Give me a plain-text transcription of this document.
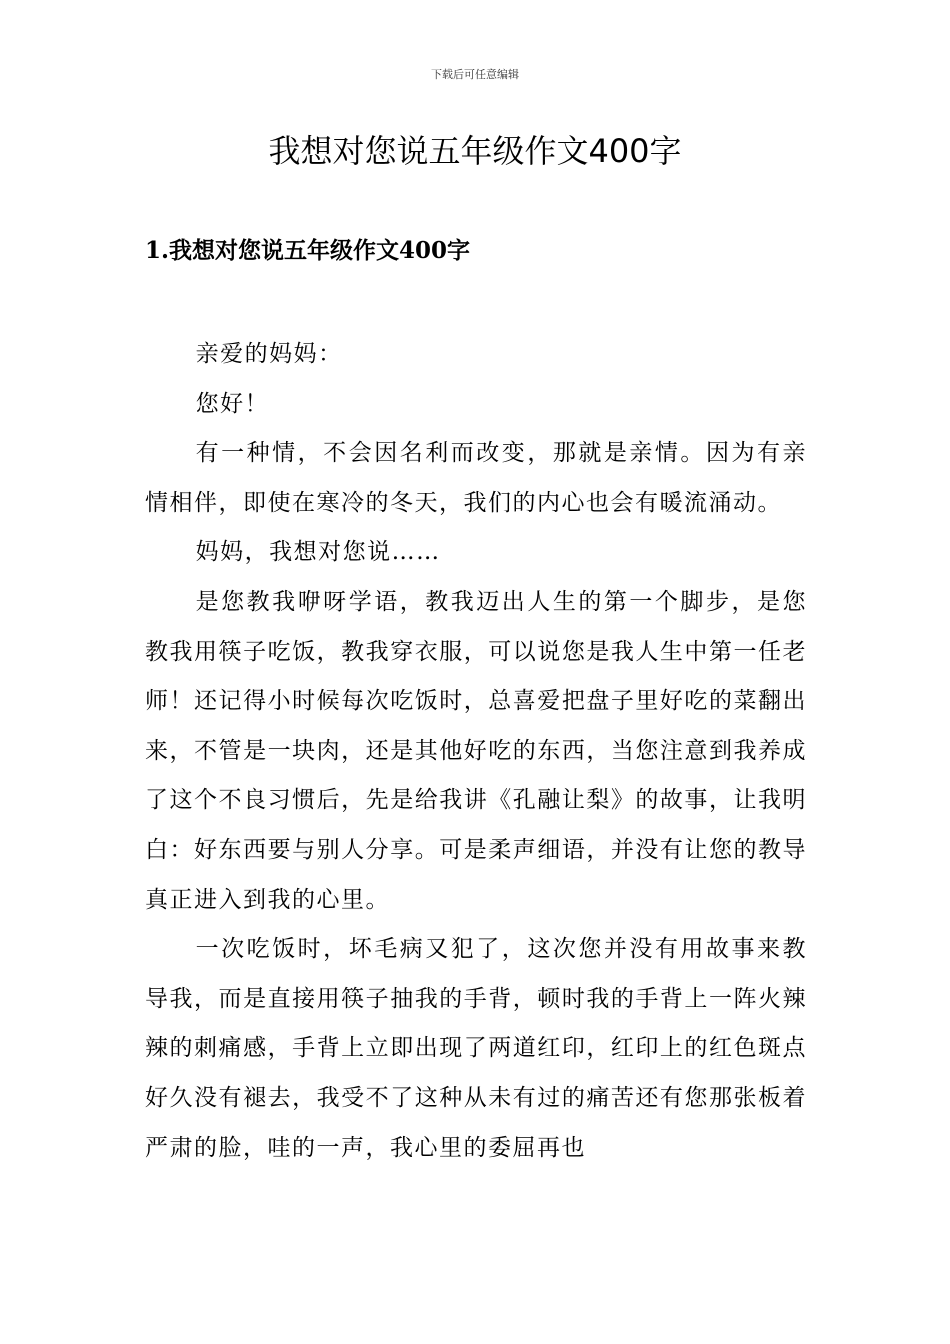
下载后可任意编辑
我想对您说五年级作文400字
1.我想对您说五年级作文400字

亲爱的妈妈：

您好！

有一种情，不会因名利而改变，那就是亲情。因为有亲情相伴，即使在寒冷的冬天，我们的内心也会有暖流涌动。

妈妈，我想对您说……

是您教我咿呀学语，教我迈出人生的第一个脚步，是您教我用筷子吃饭，教我穿衣服，可以说您是我人生中第一任老师！还记得小时候每次吃饭时，总喜爱把盘子里好吃的菜翻出来，不管是一块肉，还是其他好吃的东西，当您注意到我养成了这个不良习惯后，先是给我讲《孔融让梨》的故事，让我明白：好东西要与别人分享。可是柔声细语，并没有让您的教导真正进入到我的心里。

一次吃饭时，坏毛病又犯了，这次您并没有用故事来教导我，而是直接用筷子抽我的手背，顿时我的手背上一阵火辣辣的刺痛感，手背上立即出现了两道红印，红印上的红色斑点好久没有褪去，我受不了这种从未有过的痛苦还有您那张板着严肃的脸，哇的一声，我心里的委屈再也
